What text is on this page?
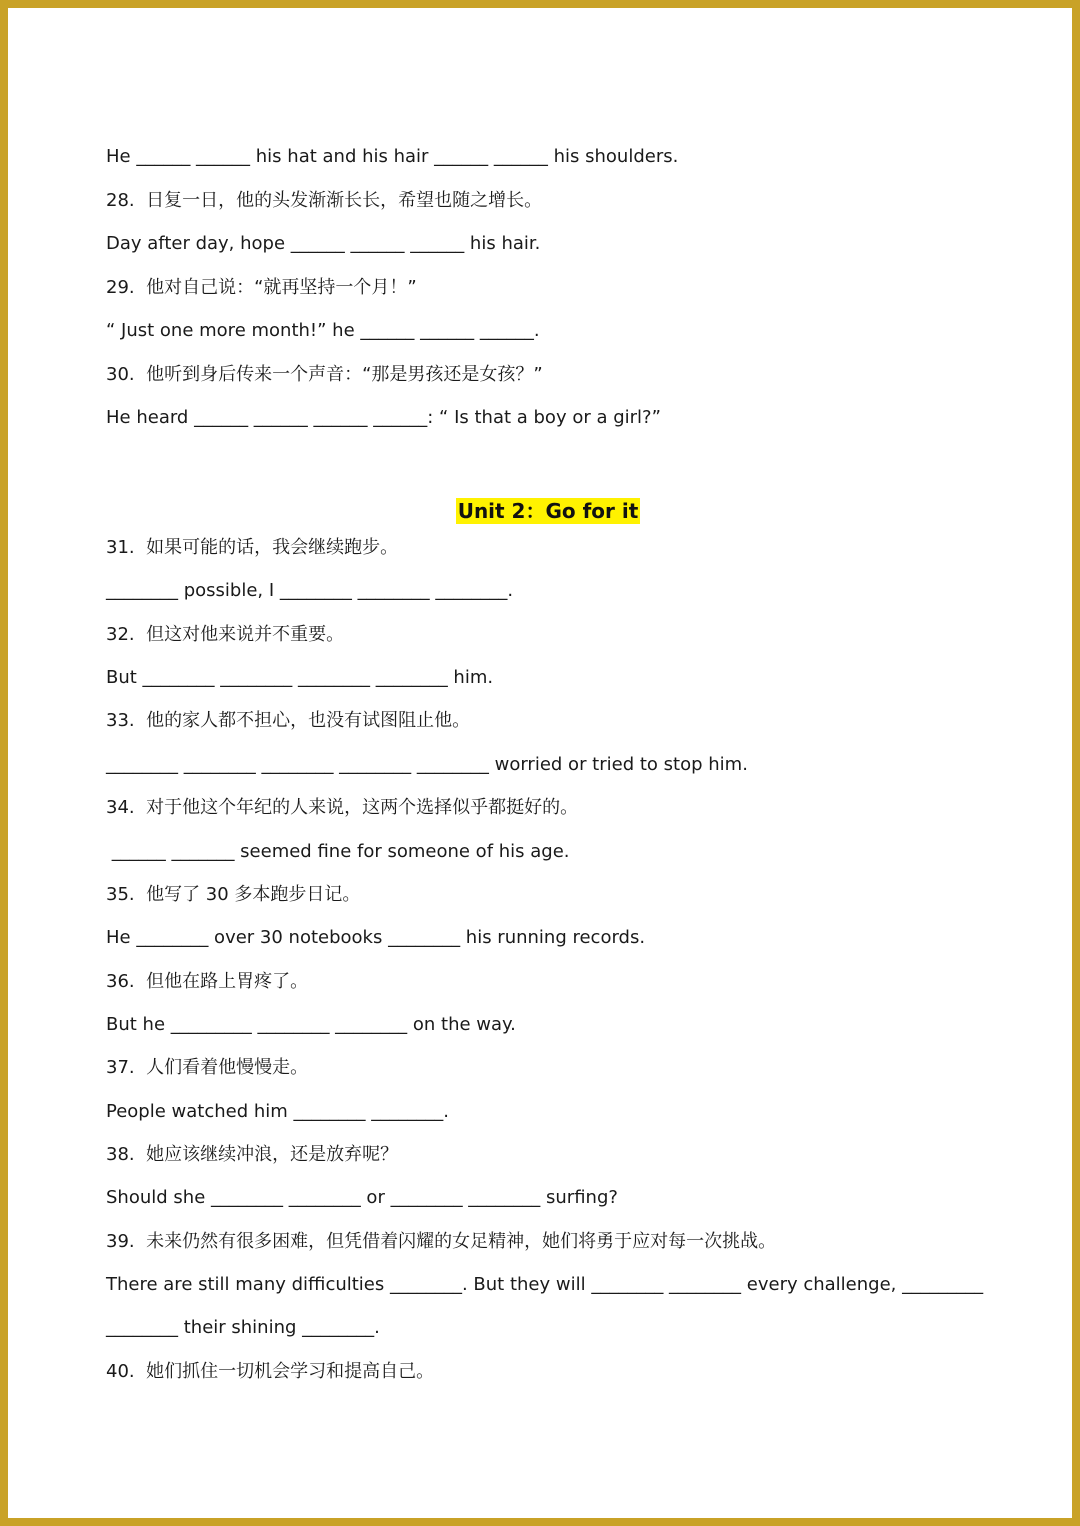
He ______ ______ his hat and his hair ______ ______ his shoulders.
28.  日复一日，他的头发渐渐长长，希望也随之增长。
Day after day, hope ______ ______ ______ his hair.
29.  他对自己说：“就再坚持一个月！”
“ Just one more month!” he ______ ______ ______.
30.  他听到身后传来一个声音：“那是男孩还是女孩？”
He heard ______ ______ ______ ______: “ Is that a boy or a girl?”
Unit 2：Go for it
31.  如果可能的话，我会继续跑步。
________ possible, I ________ ________ ________.
32.  但这对他来说并不重要。
But ________ ________ ________ ________ him.
33.  他的家人都不担心，也没有试图阻止他。
________ ________ ________ ________ ________ worried or tried to stop him.
34.  对于他这个年纪的人来说，这两个选择似乎都挺好的。
______ _______ seemed fine for someone of his age.
35.  他写了 30 多本跑步日记。
He ________ over 30 notebooks ________ his running records.
36.  但他在路上胃疼了。
But he _________ ________ ________ on the way.
37.  人们看着他慢慢走。
People watched him ________ ________.
38.  她应该继续冲浪，还是放弃呢？
Should she ________ ________ or ________ ________ surfing?
39.  未来仍然有很多困难，但凭借着闪耀的女足精神，她们将勇于应对每一次挑战。
There are still many difficulties ________. But they will ________ ________ every challenge, _________
________ their shining ________.
40.  她们抓住一切机会学习和提高自己。
